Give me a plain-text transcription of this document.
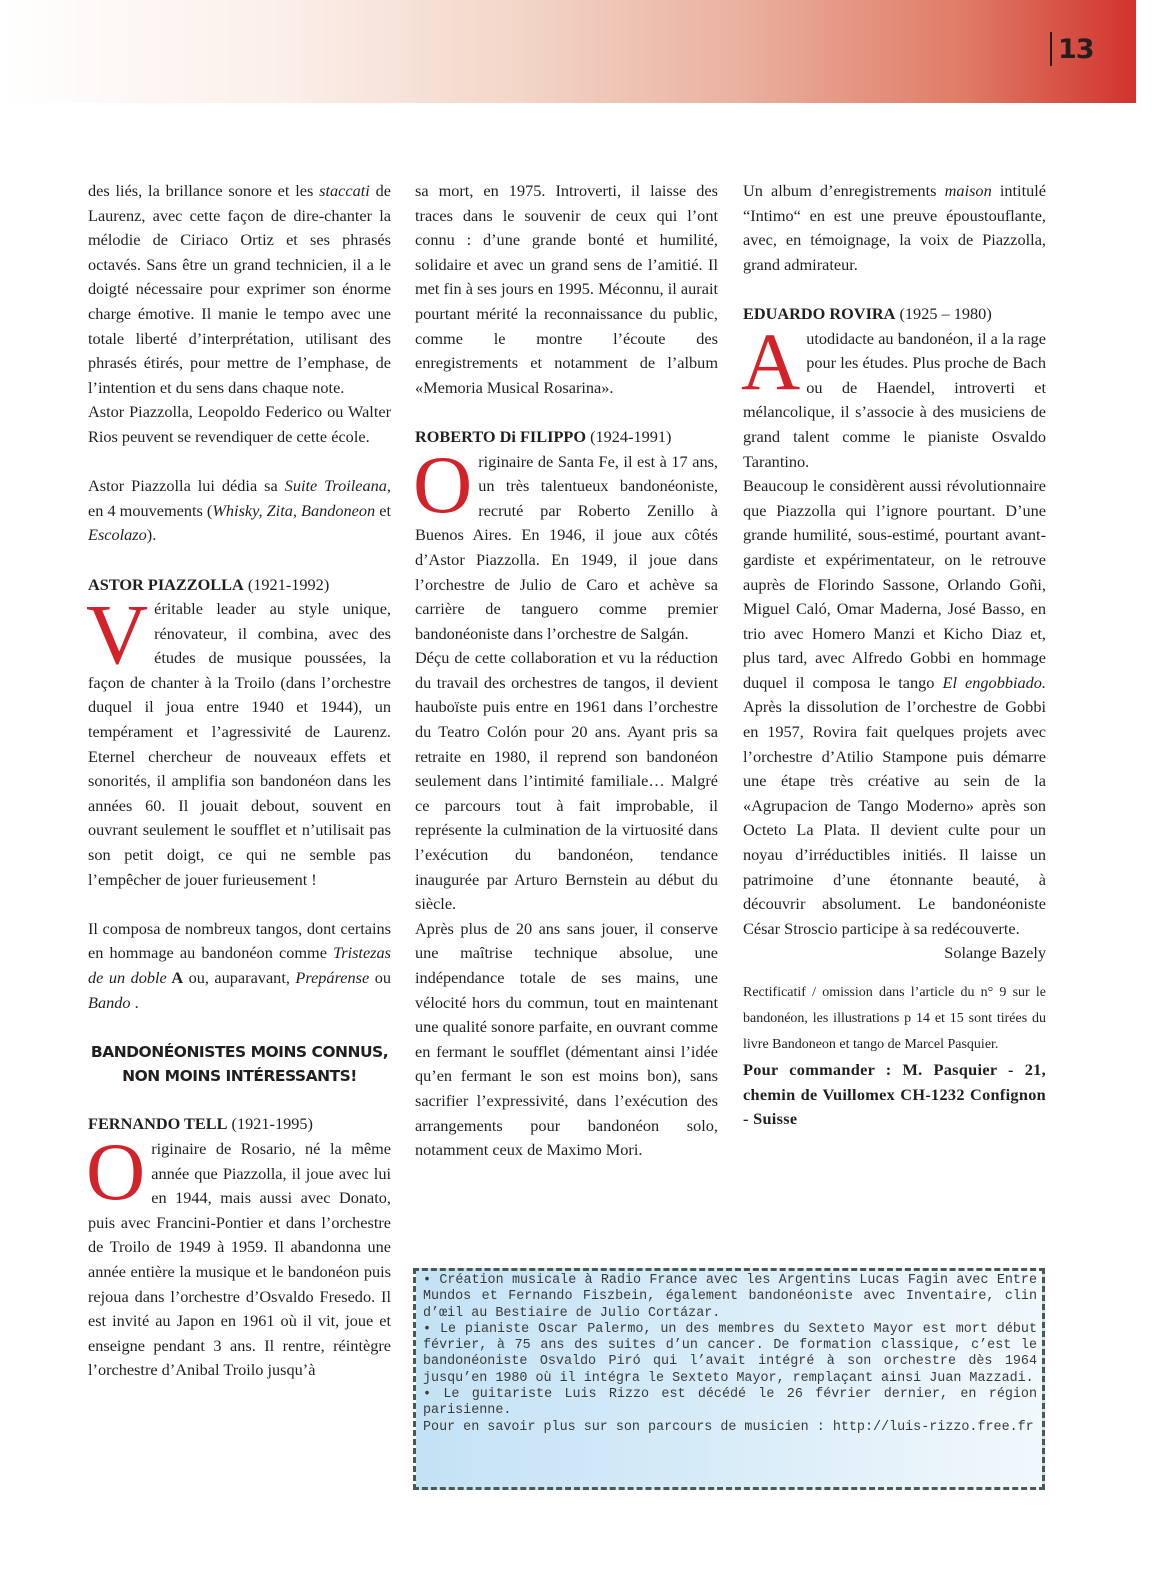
13

des liés, la brillance sonore et les staccati de Laurenz, avec cette façon de dire-chanter la mélodie de Ciriaco Ortiz et ses phrasés octavés. Sans être un grand technicien, il a le doigté nécessaire pour exprimer son énorme charge émotive. Il manie le tempo avec une totale liberté d’interprétation, utilisant des phrasés étirés, pour mettre de l’emphase, de l’intention et du sens dans chaque note.

Astor Piazzolla, Leopoldo Federico ou Walter Rios peuvent se revendiquer de cette école.

Astor Piazzolla lui dédia sa Suite Troileana, en 4 mouvements (Whisky, Zita, Bandoneon et Escolazo).

ASTOR PIAZZOLLA (1921-1992)

Véritable leader au style unique, rénovateur, il combina, avec des études de musique poussées, la façon de chanter à la Troilo (dans l’orchestre duquel il joua entre 1940 et 1944), un tempérament et l’agressivité de Laurenz. Eternel chercheur de nouveaux effets et sonorités, il amplifia son bandonéon dans les années 60. Il jouait debout, souvent en ouvrant seulement le soufflet et n’utilisait pas son petit doigt, ce qui ne semble pas l’empêcher de jouer furieusement !

Il composa de nombreux tangos, dont certains en hommage au bandonéon comme Tristezas de un doble A ou, auparavant, Prepárense ou Bando .

BANDONÉONISTES MOINS CONNUS,
NON MOINS INTÉRESSANTS!

FERNANDO TELL (1921-1995)

Originaire de Rosario, né la même année que Piazzolla, il joue avec lui en 1944, mais aussi avec Donato, puis avec Francini-Pontier et dans l’orchestre de Troilo de 1949 à 1959. Il abandonna une année entière la musique et le bandonéon puis rejoua dans l’orchestre d’Osvaldo Fresedo. Il est invité au Japon en 1961 où il vit, joue et enseigne pendant 3 ans. Il rentre, réintègre l’orchestre d’Anibal Troilo jusqu’à

sa mort, en 1975. Introverti, il laisse des traces dans le souvenir de ceux qui l’ont connu : d’une grande bonté et humilité, solidaire et avec un grand sens de l’amitié. Il met fin à ses jours en 1995. Méconnu, il aurait pourtant mérité la reconnaissance du public, comme le montre l’écoute des enregistrements et notamment de l’album «Memoria Musical Rosarina».

ROBERTO Di FILIPPO (1924-1991)

Originaire de Santa Fe, il est à 17 ans, un très talentueux bandonéoniste, recruté par Roberto Zenillo à Buenos Aires. En 1946, il joue aux côtés d’Astor Piazzolla. En 1949, il joue dans l’orchestre de Julio de Caro et achève sa carrière de tanguero comme premier bandonéoniste dans l’orchestre de Salgán.

Déçu de cette collaboration et vu la réduction du travail des orchestres de tangos, il devient hauboïste puis entre en 1961 dans l’orchestre du Teatro Colón pour 20 ans. Ayant pris sa retraite en 1980, il reprend son bandonéon seulement dans l’intimité familiale… Malgré ce parcours tout à fait improbable, il représente la culmination de la virtuosité dans l’exécution du bandonéon, tendance inaugurée par Arturo Bernstein au début du siècle.

Après plus de 20 ans sans jouer, il conserve une maîtrise technique absolue, une indépendance totale de ses mains, une vélocité hors du commun, tout en maintenant une qualité sonore parfaite, en ouvrant comme en fermant le soufflet (démentant ainsi l’idée qu’en fermant le son est moins bon), sans sacrifier l’expressivité, dans l’exécution des arrangements pour bandonéon solo, notamment ceux de Maximo Mori.

Un album d’enregistrements maison intitulé “Intimo“ en est une preuve époustouflante, avec, en témoignage, la voix de Piazzolla, grand admirateur.

EDUARDO ROVIRA (1925 – 1980)

Autodidacte au bandonéon, il a la rage pour les études. Plus proche de Bach ou de Haendel, introverti et mélancolique, il s’associe à des musiciens de grand talent comme le pianiste Osvaldo Tarantino.

Beaucoup le considèrent aussi révolutionnaire que Piazzolla qui l’ignore pourtant. D’une grande humilité, sous-estimé, pourtant avant-gardiste et expérimentateur, on le retrouve auprès de Florindo Sassone, Orlando Goñi, Miguel Caló, Omar Maderna, José Basso, en trio avec Homero Manzi et Kicho Diaz et, plus tard, avec Alfredo Gobbi en hommage duquel il composa le tango El engobbiado. Après la dissolution de l’orchestre de Gobbi en 1957, Rovira fait quelques projets avec l’orchestre d’Atilio Stampone puis démarre une étape très créative au sein de la «Agrupacion de Tango Moderno» après son Octeto La Plata. Il devient culte pour un noyau d’irréductibles initiés. Il laisse un patrimoine d’une étonnante beauté, à découvrir absolument. Le bandonéoniste César Stroscio participe à sa redécouverte.

Solange Bazely

Rectificatif / omission dans l’article du n° 9 sur le bandonéon, les illustrations p 14 et 15 sont tirées du livre Bandoneon et tango de Marcel Pasquier.

Pour commander : M. Pasquier - 21, chemin de Vuillomex CH-1232 Confignon - Suisse

• Création musicale à Radio France avec les Argentins Lucas Fagin avec Entre Mundos et Fernando Fiszbein, également bandonéoniste avec Inventaire, clin d’œil au Bestiaire de Julio Cortázar.

• Le pianiste Oscar Palermo, un des membres du Sexteto Mayor est mort début février, à 75 ans des suites d’un cancer. De formation classique, c’est le bandonéoniste Osvaldo Piró qui l’avait intégré à son orchestre dès 1964 jusqu’en 1980 où il intégra le Sexteto Mayor, remplaçant ainsi Juan Mazzadi.

• Le guitariste Luis Rizzo est décédé le 26 février dernier, en région parisienne.

Pour en savoir plus sur son parcours de musicien : http://luis-rizzo.free.fr
